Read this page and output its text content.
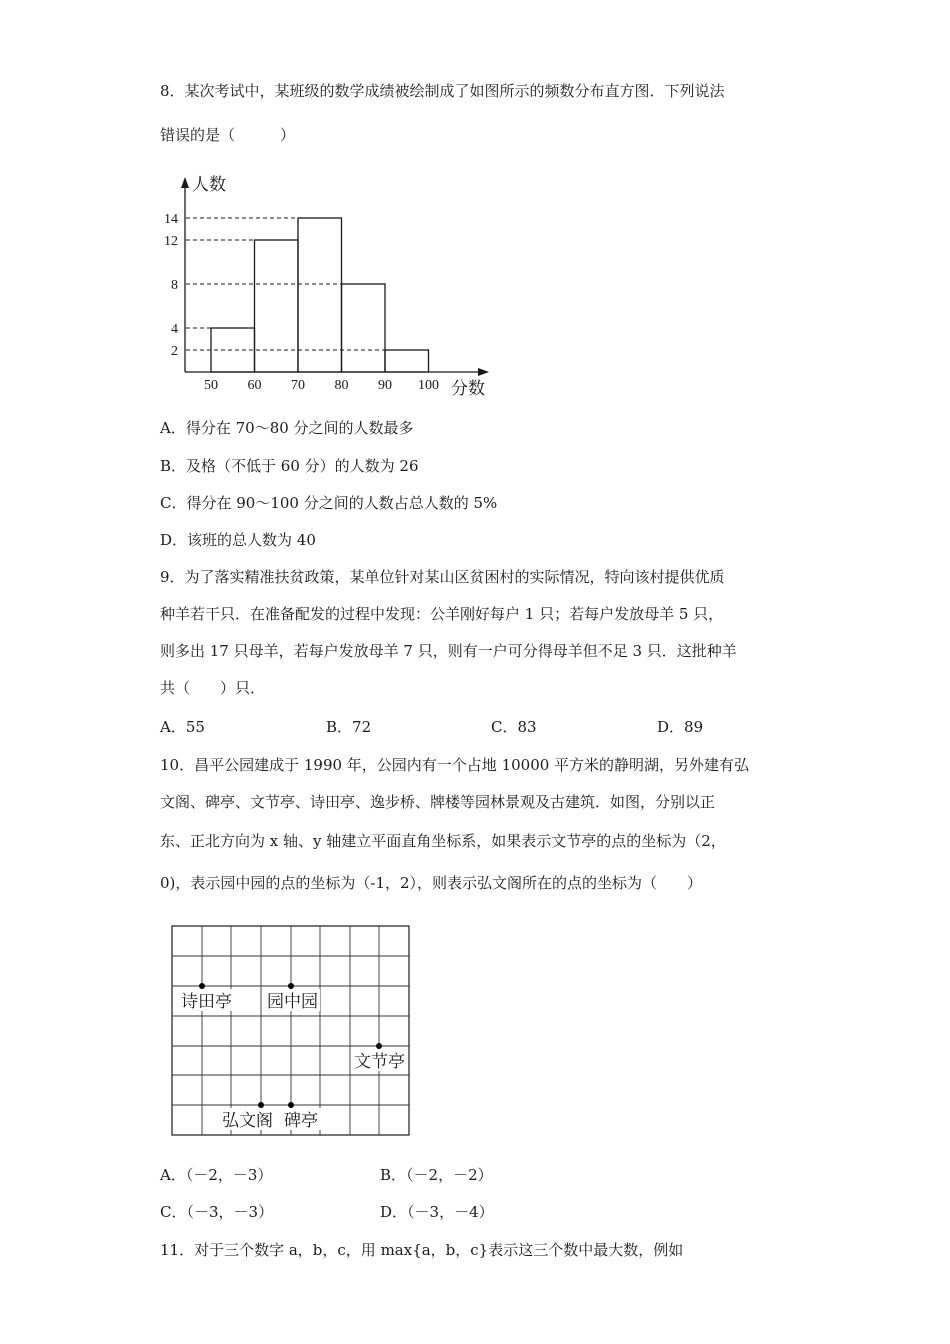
8．某次考试中，某班级的数学成绩被绘制成了如图所示的频数分布直方图．下列说法
错误的是（　　　）
人数
分数
2
4
8
12
14
50 60 70 80 90 100
A．得分在 70～80 分之间的人数最多
B．及格（不低于 60 分）的人数为 26
C．得分在 90～100 分之间的人数占总人数的 5%
D．该班的总人数为 40
9．为了落实精准扶贫政策，某单位针对某山区贫困村的实际情况，特向该村提供优质
种羊若干只．在准备配发的过程中发现：公羊刚好每户 1 只；若每户发放母羊 5 只，
则多出 17 只母羊，若每户发放母羊 7 只，则有一户可分得母羊但不足 3 只．这批种羊
共（　　）只．
A．55	B．72	C．83	D．89
10．昌平公园建成于 1990 年，公园内有一个占地 10000 平方米的静明湖，另外建有弘
文阁、碑亭、文节亭、诗田亭、逸步桥、牌楼等园林景观及古建筑．如图，分别以正
东、正北方向为 x 轴、y 轴建立平面直角坐标系，如果表示文节亭的点的坐标为（2，
0)，表示园中园的点的坐标为（-1，2），则表示弘文阁所在的点的坐标为（　　）
诗田亭 园中园
文节亭
弘文阁 碑亭
A．（－2，－3）	B．（－2，－2）
C．（－3，－3）	D．（－3，－4）
11．对于三个数字 a，b，c，用 max{a，b，c}表示这三个数中最大数，例如
